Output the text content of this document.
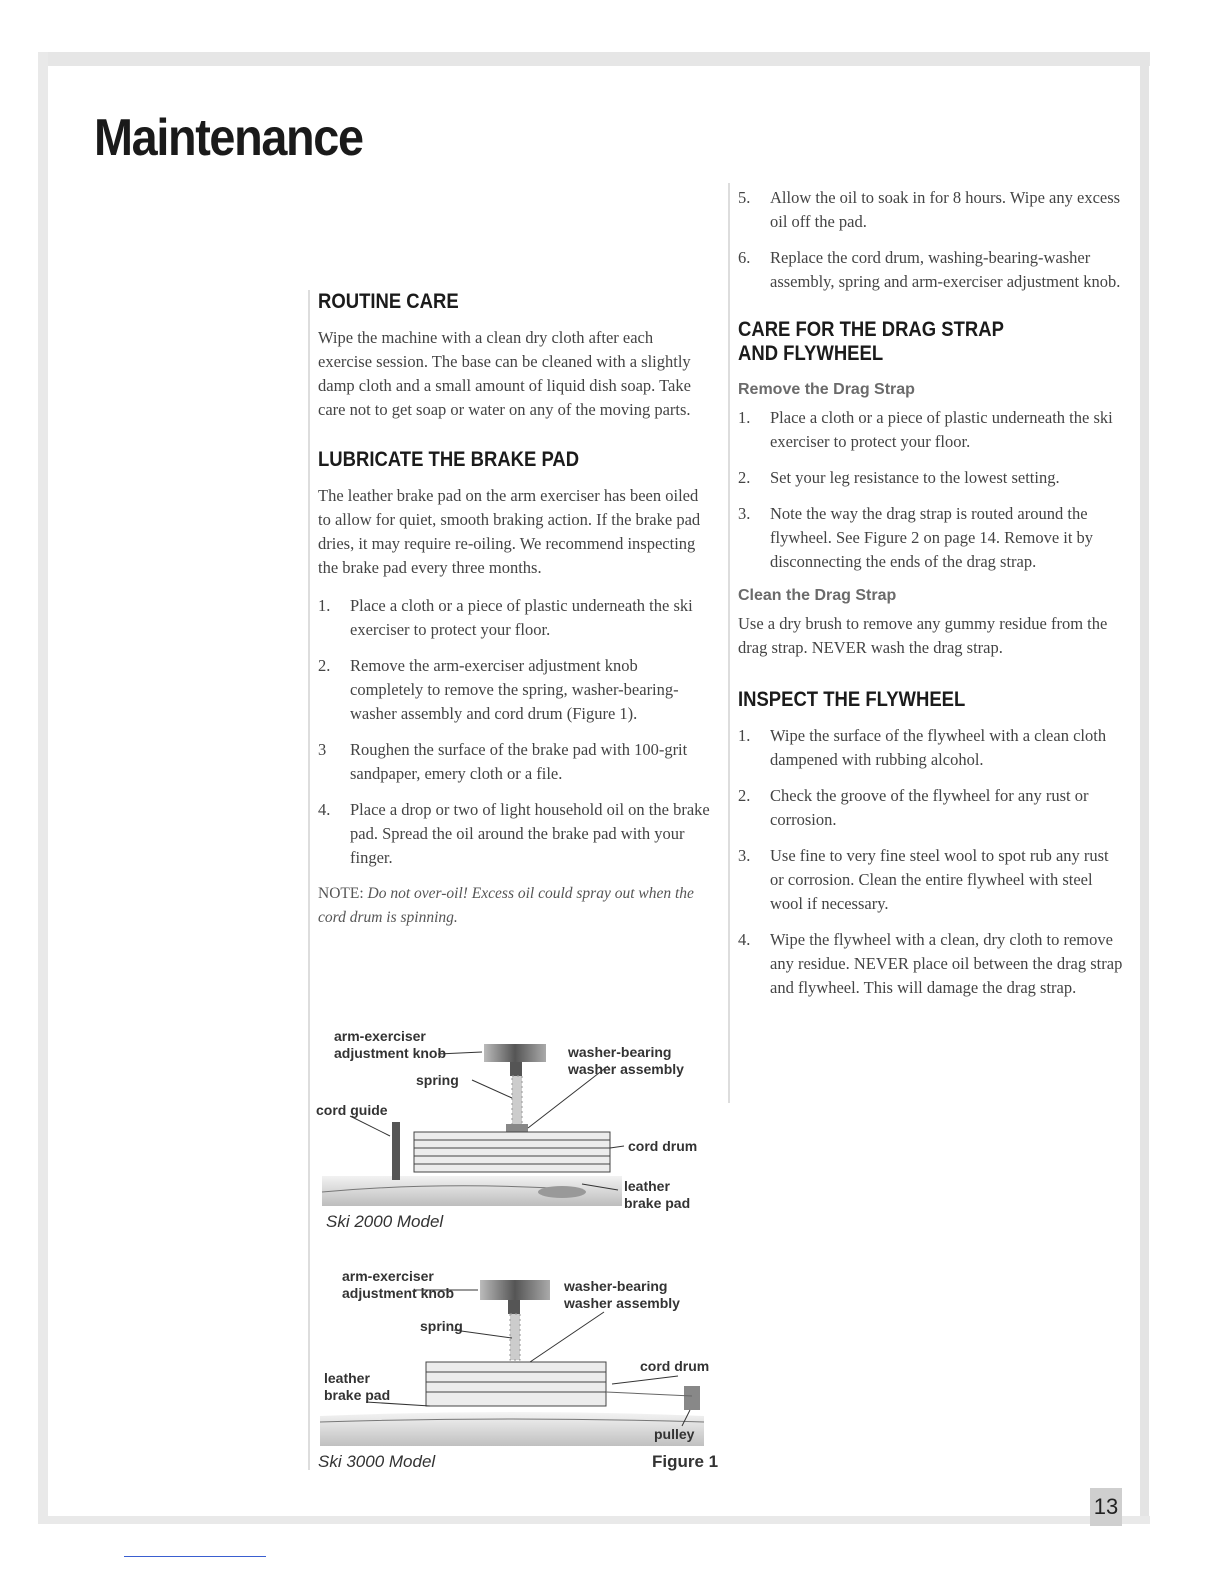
Maintenance
ROUTINE CARE

Wipe the machine with a clean dry cloth after each exercise session. The base can be cleaned with a slightly damp cloth and a small amount of liquid dish soap. Take care not to get soap or water on any of the moving parts.

LUBRICATE THE BRAKE PAD

The leather brake pad on the arm exerciser has been oiled to allow for quiet, smooth braking action. If the brake pad dries, it may require re-oiling. We recommend inspecting the brake pad every three months.

1. Place a cloth or a piece of plastic underneath the ski exerciser to protect your floor.
2. Remove the arm-exerciser adjustment knob completely to remove the spring, washer-bearing-washer assembly and cord drum (Figure 1).
3 Roughen the surface of the brake pad with 100-grit sandpaper, emery cloth or a file.
4. Place a drop or two of light household oil on the brake pad. Spread the oil around the brake pad with your finger.

NOTE: Do not over-oil! Excess oil could spray out when the cord drum is spinning.

arm-exerciser
adjustment knob
spring
washer-bearing
washer assembly
cord guide
cord drum
leather
brake pad
Ski 2000 Model
arm-exerciser
adjustment knob
spring
washer-bearing
washer assembly
cord drum
leather
brake pad
pulley
Ski 3000 Model	Figure 1
5. Allow the oil to soak in for 8 hours. Wipe any excess oil off the pad.
6. Replace the cord drum, washing-bearing-washer assembly, spring and arm-exerciser adjustment knob.
CARE FOR THE DRAG STRAP
AND FLYWHEEL
Remove the Drag Strap
1. Place a cloth or a piece of plastic underneath the ski exerciser to protect your floor.
2. Set your leg resistance to the lowest setting.
3. Note the way the drag strap is routed around the flywheel. See Figure 2 on page 14. Remove it by disconnecting the ends of the drag strap.
Clean the Drag Strap

Use a dry brush to remove any gummy residue from the drag strap. NEVER wash the drag strap.

INSPECT THE FLYWHEEL
1. Wipe the surface of the flywheel with a clean cloth dampened with rubbing alcohol.
2. Check the groove of the flywheel for any rust or corrosion.
3. Use fine to very fine steel wool to spot rub any rust or corrosion. Clean the entire flywheel with steel wool if necessary.
4. Wipe the flywheel with a clean, dry cloth to remove any residue. NEVER place oil between the drag strap and flywheel. This will damage the drag strap.
13
